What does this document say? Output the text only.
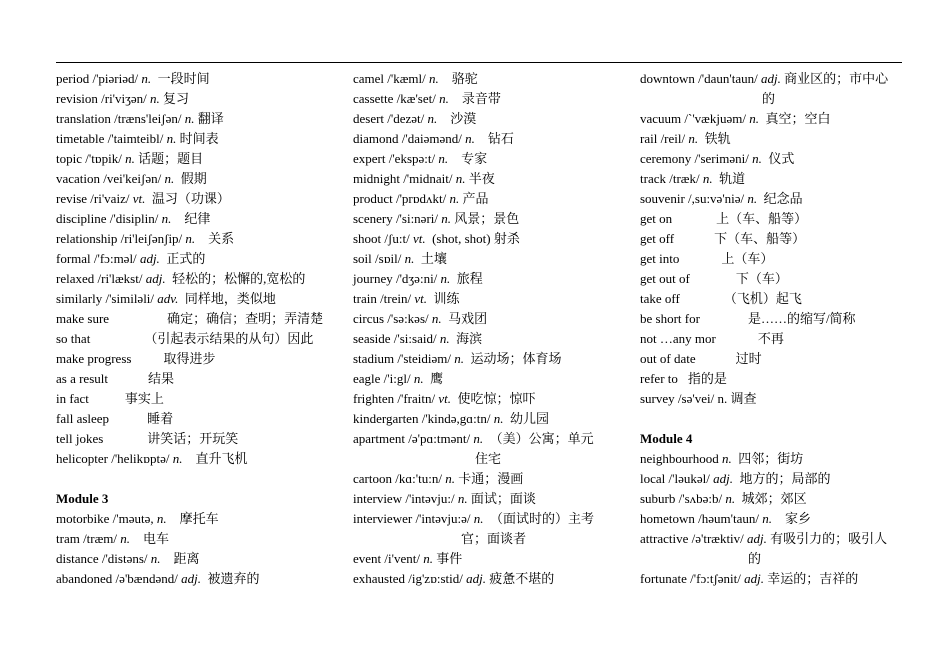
period /'piəriəd/ n.  一段时间
revision /ri'viʒən/ n. 复习
translation /træns'leiʃən/ n. 翻译
timetable /'taimteibl/ n. 时间表
topic /'tɒpik/ n. 话题；题目
vacation /vei'keiʃən/ n.  假期
revise /ri'vaiz/ vt.  温习（功课）
discipline /'disiplin/ n.    纪律
relationship /ri'leiʃənʃip/ n.    关系
formal /'fɔ:məl/ adj.  正式的
relaxed /ri'lækst/ adj.  轻松的；松懈的,宽松的
similarly /'similəli/ adv.  同样地，类似地
make sure	确定；确信；查明；弄清楚
so that	（引起表示结果的从句）因此
make progress 取得进步
as a result	结果
in fact	事实上
fall asleep	睡着
tell jokes	讲笑话；开玩笑
helicopter /'helikɒptə/ n.    直升飞机
Module 3
motorbike /'məutə, n.    摩托车
tram /træm/ n.    电车
distance /'distəns/ n.    距离
abandoned /ə'bændənd/ adj.  被遗弃的
camel /'kæml/ n.    骆驼
cassette /kæ'set/ n.    录音带
desert /'dezət/ n.    沙漠
diamond /'daiəmənd/ n.    钻石
expert /'ekspə:t/ n.    专家
midnight /'midnait/ n. 半夜
product /'prɒdʌkt/ n. 产品
scenery /'si:nəri/ n. 风景；景色
shoot /ʃu:t/ vt.  (shot, shot) 射杀
soil /sɒil/ n.  土壤
journey /'dʒə:ni/ n.  旅程
train /trein/ vt.  训练
circus /'sə:kəs/ n.  马戏团
seaside /'si:said/ n.  海滨
stadium /'steidiəm/ n.  运动场；体育场
eagle /'i:gl/ n.  鹰
frighten /'fraitn/ vt.  使吃惊；惊吓
kindergarten /'kində,gɑ:tn/ n.  幼儿园
apartment /ə'pɑ:tmənt/ n.  （美）公寓；单元
住宅
cartoon /kɑ:'tu:n/ n. 卡通；漫画
interview /'intəvju:/ n. 面试；面谈
interviewer /'intəvju:ə/ n.  （面试时的）主考
官；面谈者
event /i'vent/ n. 事件
exhausted /ig'zɒ:stid/ adj. 疲惫不堪的
downtown /'daun'taun/ adj. 商业区的；市中心
的
vacuum /`'vækjuəm/ n.  真空；空白
rail /reil/ n.  铁轨
ceremony /'seriməni/ n.  仪式
track /træk/ n.  轨道
souvenir /,su:və'niə/ n.  纪念品
get on	上（车、船等）
get off	下（车、船等）
get into	上（车）
get out of	下（车）
take off	（飞机）起飞
be short for	是……的缩写/简称
not …any mor	不再
out of date	过时
refer to 指的是
survey /sə'vei/ n. 调查
Module 4
neighbourhood n.  四邻；街坊
local /'ləukəl/ adj.  地方的；局部的
suburb /'sʌbə:b/ n.  城郊；郊区
hometown /həum'taun/ n.    家乡
attractive /ə'træktiv/ adj. 有吸引力的；吸引人
的
fortunate /'fɔ:tʃənit/ adj. 幸运的；吉祥的
